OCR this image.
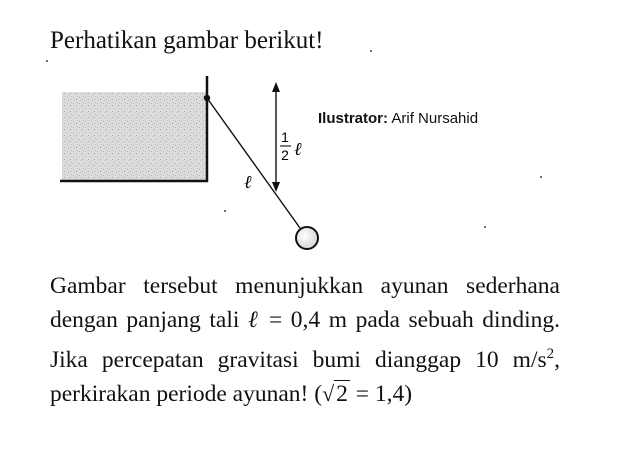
Perhatikan gambar berikut!
1
2 ℓ
ℓ
Ilustrator: Arif Nursahid
Gambar tersebut menunjukkan ayunan sederhana dengan panjang tali ℓ = 0,4 m pada sebuah dinding. Jika percepatan gravitasi bumi dianggap 10 $m/s^2$, perkirakan periode ayunan! (√2 = 1,4)
